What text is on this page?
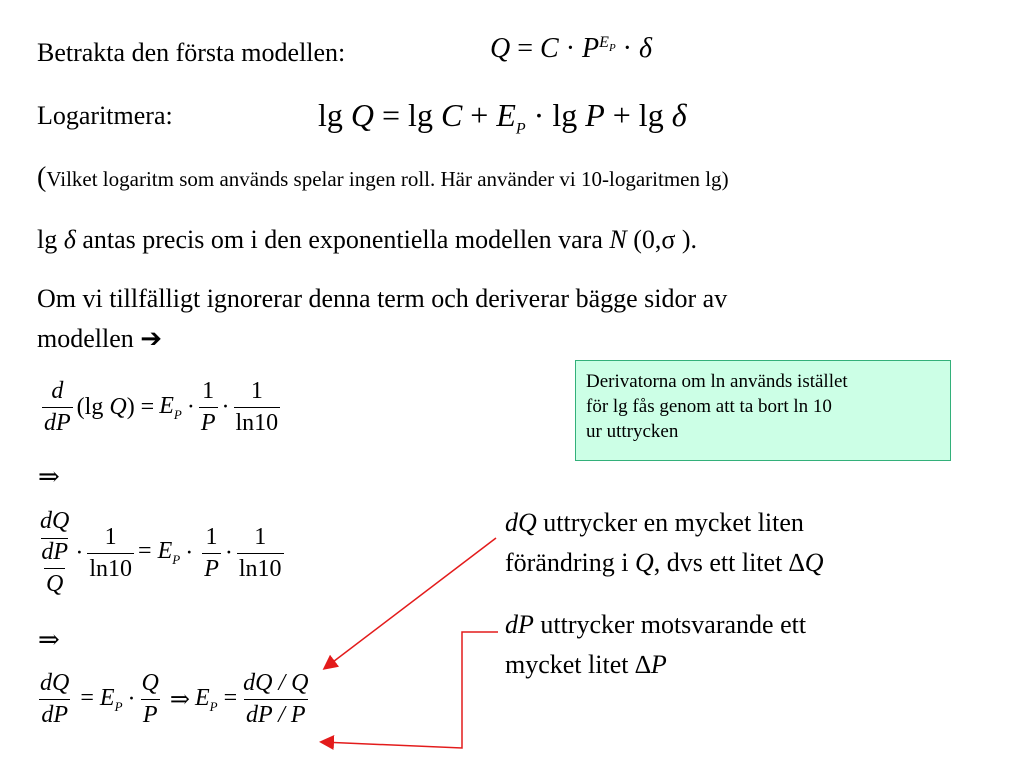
Betrakta den första modellen:	$Q = C \cdot P^{E_P} \cdot \delta$
Logaritmera:	$\lg Q = \lg C + E_P \cdot \lg P + \lg \delta$
(Vilket logaritm som används spelar ingen roll. Här använder vi 10-logaritmen lg)
lg δ antas precis om i den exponentiella modellen vara N (0,σ ).
Om vi tillfälligt ignorerar denna term och deriverar bägge sidor av
modellen ➔
$\frac{d}{dP} (\lg$ $Q) = E_P \cdot \frac{1}{P} \cdot \frac{1}{\ln 10}$
⇒
dQ
dP
$Q \cdot \frac{1}{\ln 10} = E_P \cdot \frac{1}{P} \cdot \frac{1}{\ln 10}$
⇒
$\frac{dQ}{dP} = E_P \cdot \frac{Q}{P}$ ⇒ $E_P = \frac{dQ / Q}{dP / P}$
Derivatorna om ln används istället
för lg fås genom att ta bort ln 10
ur uttrycken
dQ uttrycker en mycket liten
förändring i Q, dvs ett litet ∆Q
dP uttrycker motsvarande ett
mycket litet ∆P
